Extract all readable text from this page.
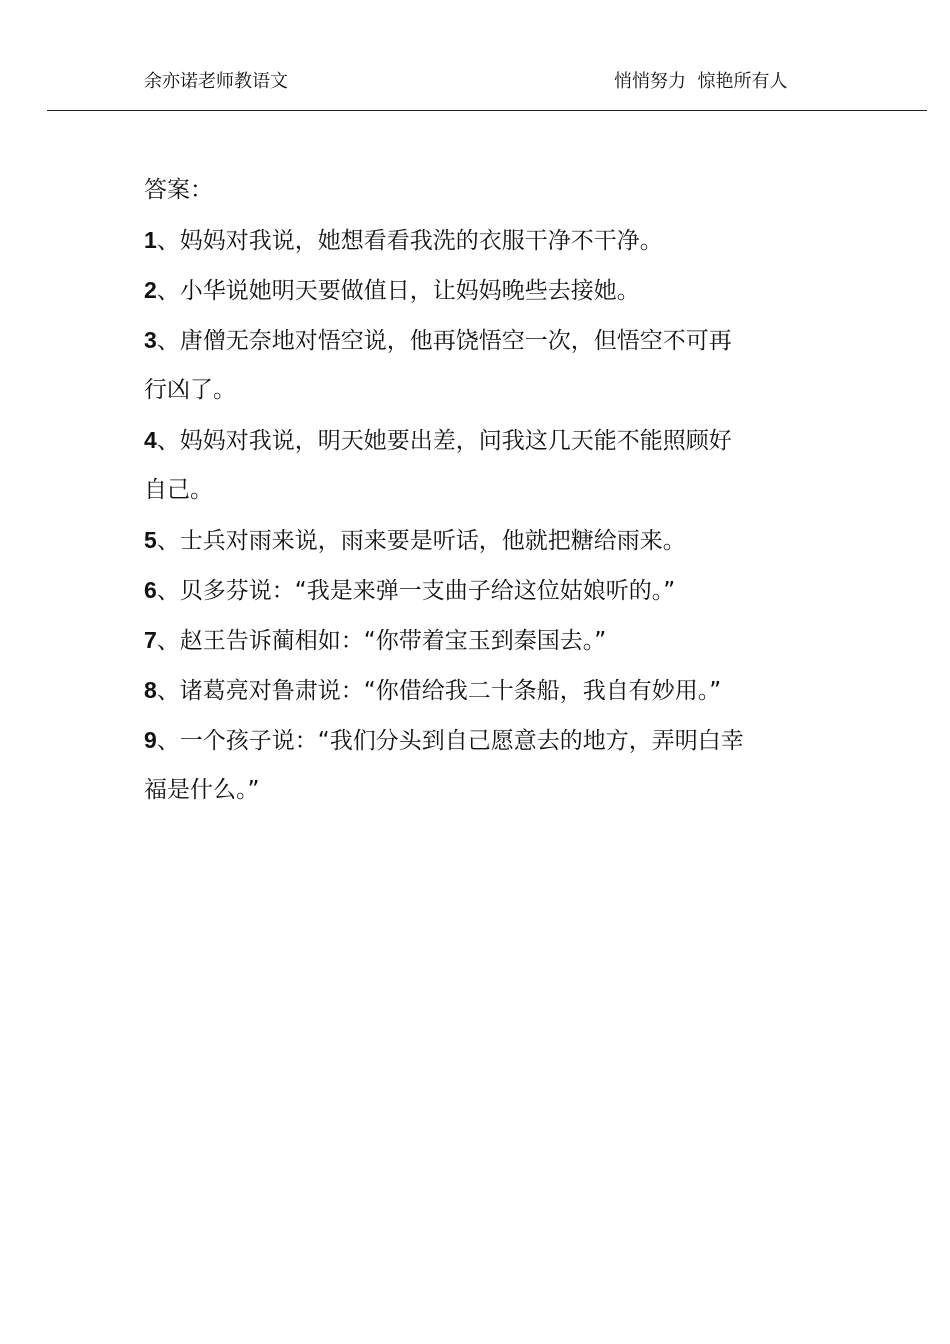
余亦诺老师教语文	悄悄努力  惊艳所有人
答案：
1、妈妈对我说，她想看看我洗的衣服干净不干净。
2、小华说她明天要做值日，让妈妈晚些去接她。
3、唐僧无奈地对悟空说，他再饶悟空一次，但悟空不可再
行凶了。
4、妈妈对我说，明天她要出差，问我这几天能不能照顾好
自己。
5、士兵对雨来说，雨来要是听话，他就把糖给雨来。
6、贝多芬说：“我是来弹一支曲子给这位姑娘听的。”
7、赵王告诉蔺相如：“你带着宝玉到秦国去。”
8、诸葛亮对鲁肃说：“你借给我二十条船，我自有妙用。”
9、一个孩子说：“我们分头到自己愿意去的地方，弄明白幸
福是什么。”
